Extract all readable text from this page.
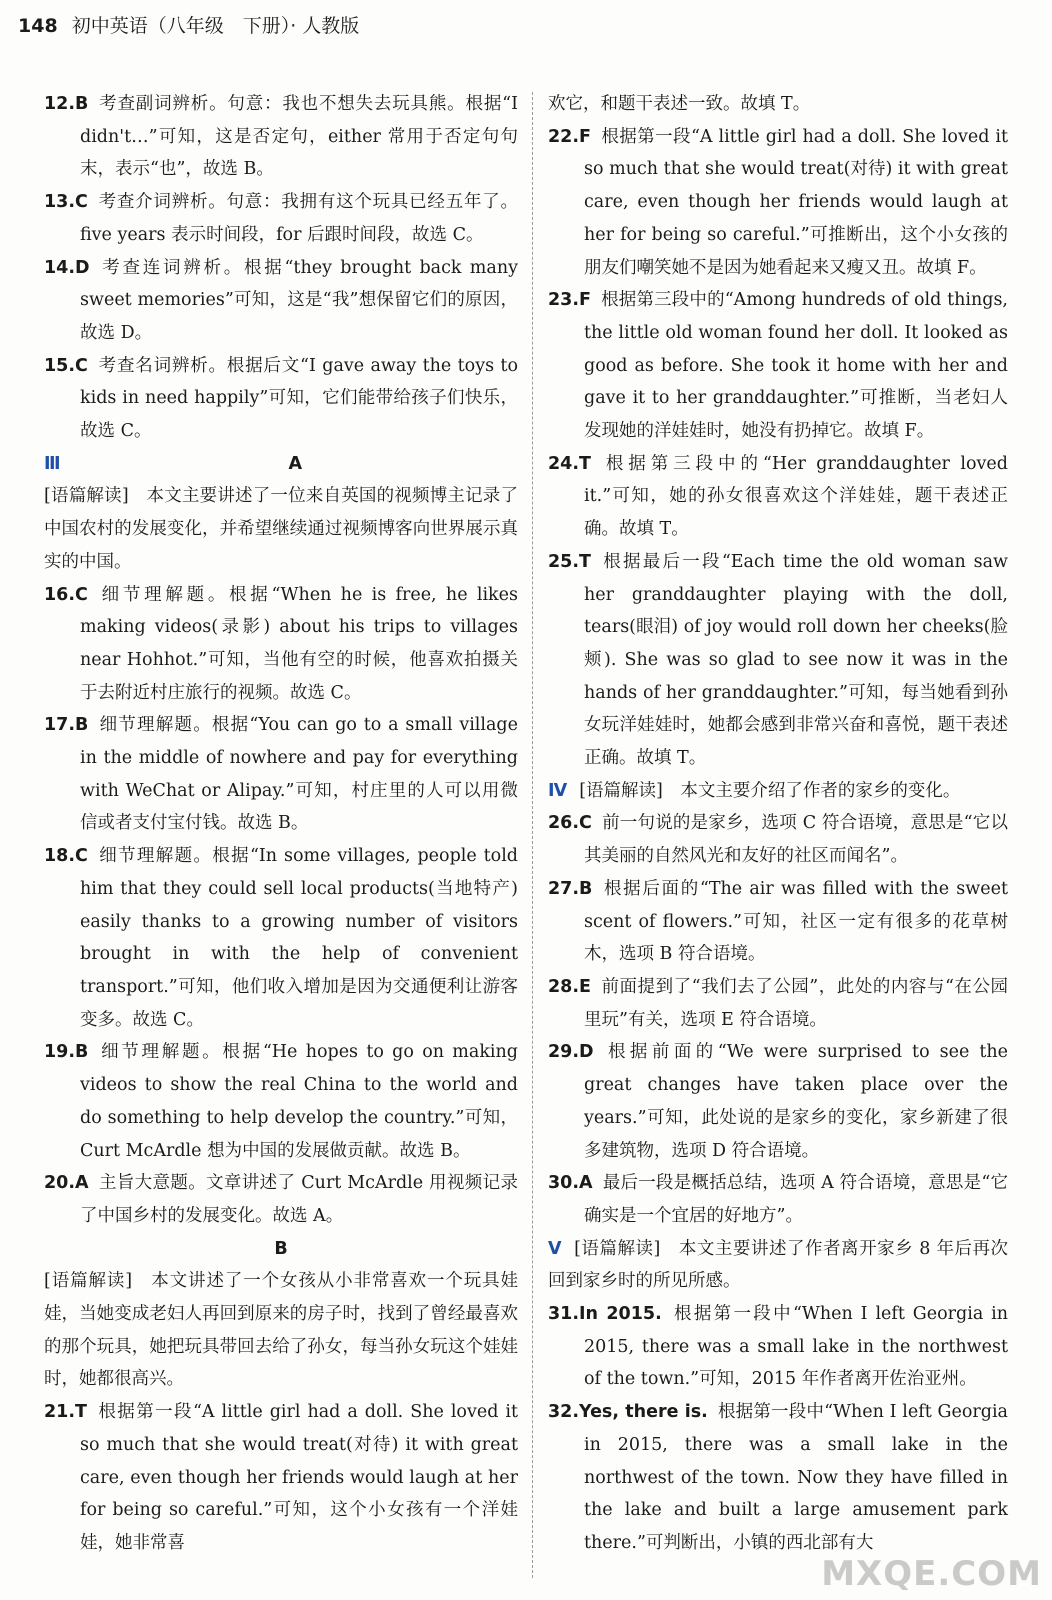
148 初中英语（八年级　下册）· 人教版

12.B 考查副词辨析。句意：我也不想失去玩具熊。根据“I didn't…”可知，这是否定句，either 常用于否定句句末，表示“也”，故选 B。

13.C 考查介词辨析。句意：我拥有这个玩具已经五年了。five years 表示时间段，for 后跟时间段，故选 C。

14.D 考查连词辨析。根据“they brought back many sweet memories”可知，这是“我”想保留它们的原因，故选 D。

15.C 考查名词辨析。根据后文“I gave away the toys to kids in need happily”可知，它们能带给孩子们快乐，故选 C。

Ⅲ	A

[语篇解读]　本文主要讲述了一位来自英国的视频博主记录了中国农村的发展变化，并希望继续通过视频博客向世界展示真实的中国。

16.C 细节理解题。根据“When he is free, he likes making videos(录影) about his trips to villages near Hohhot.”可知，当他有空的时候，他喜欢拍摄关于去附近村庄旅行的视频。故选 C。

17.B 细节理解题。根据“You can go to a small village in the middle of nowhere and pay for everything with WeChat or Alipay.”可知，村庄里的人可以用微信或者支付宝付钱。故选 B。

18.C 细节理解题。根据“In some villages, people told him that they could sell local products(当地特产) easily thanks to a growing number of visitors brought in with the help of convenient transport.”可知，他们收入增加是因为交通便利让游客变多。故选 C。

19.B 细节理解题。根据“He hopes to go on making videos to show the real China to the world and do something to help develop the country.”可知，Curt McArdle 想为中国的发展做贡献。故选 B。

20.A 主旨大意题。文章讲述了 Curt McArdle 用视频记录了中国乡村的发展变化。故选 A。

B

[语篇解读]　本文讲述了一个女孩从小非常喜欢一个玩具娃娃，当她变成老妇人再回到原来的房子时，找到了曾经最喜欢的那个玩具，她把玩具带回去给了孙女，每当孙女玩这个娃娃时，她都很高兴。

21.T 根据第一段“A little girl had a doll. She loved it so much that she would treat(对待) it with great care, even though her friends would laugh at her for being so careful.”可知，这个小女孩有一个洋娃娃，她非常喜

欢它，和题干表述一致。故填 T。

22.F 根据第一段“A little girl had a doll. She loved it so much that she would treat(对待) it with great care, even though her friends would laugh at her for being so careful.”可推断出，这个小女孩的朋友们嘲笑她不是因为她看起来又瘦又丑。故填 F。

23.F 根据第三段中的“Among hundreds of old things, the little old woman found her doll. It looked as good as before. She took it home with her and gave it to her granddaughter.”可推断，当老妇人发现她的洋娃娃时，她没有扔掉它。故填 F。

24.T 根据第三段中的“Her granddaughter loved it.”可知，她的孙女很喜欢这个洋娃娃，题干表述正确。故填 T。

25.T 根据最后一段“Each time the old woman saw her granddaughter playing with the doll, tears(眼泪) of joy would roll down her cheeks(脸颊). She was so glad to see now it was in the hands of her granddaughter.”可知，每当她看到孙女玩洋娃娃时，她都会感到非常兴奋和喜悦，题干表述正确。故填 T。

Ⅳ [语篇解读]　本文主要介绍了作者的家乡的变化。

26.C 前一句说的是家乡，选项 C 符合语境，意思是“它以其美丽的自然风光和友好的社区而闻名”。

27.B 根据后面的“The air was filled with the sweet scent of flowers.”可知，社区一定有很多的花草树木，选项 B 符合语境。

28.E 前面提到了“我们去了公园”，此处的内容与“在公园里玩”有关，选项 E 符合语境。

29.D 根据前面的“We were surprised to see the great changes have taken place over the years.”可知，此处说的是家乡的变化，家乡新建了很多建筑物，选项 D 符合语境。

30.A 最后一段是概括总结，选项 A 符合语境，意思是“它确实是一个宜居的好地方”。

Ⅴ [语篇解读]　本文主要讲述了作者离开家乡 8 年后再次回到家乡时的所见所感。

31.In 2015. 根据第一段中“When I left Georgia in 2015, there was a small lake in the northwest of the town.”可知，2015 年作者离开佐治亚州。

32.Yes, there is. 根据第一段中“When I left Georgia in 2015, there was a small lake in the northwest of the town. Now they have filled in the lake and built a large amusement park there.”可判断出，小镇的西北部有大

MXQE.COM
